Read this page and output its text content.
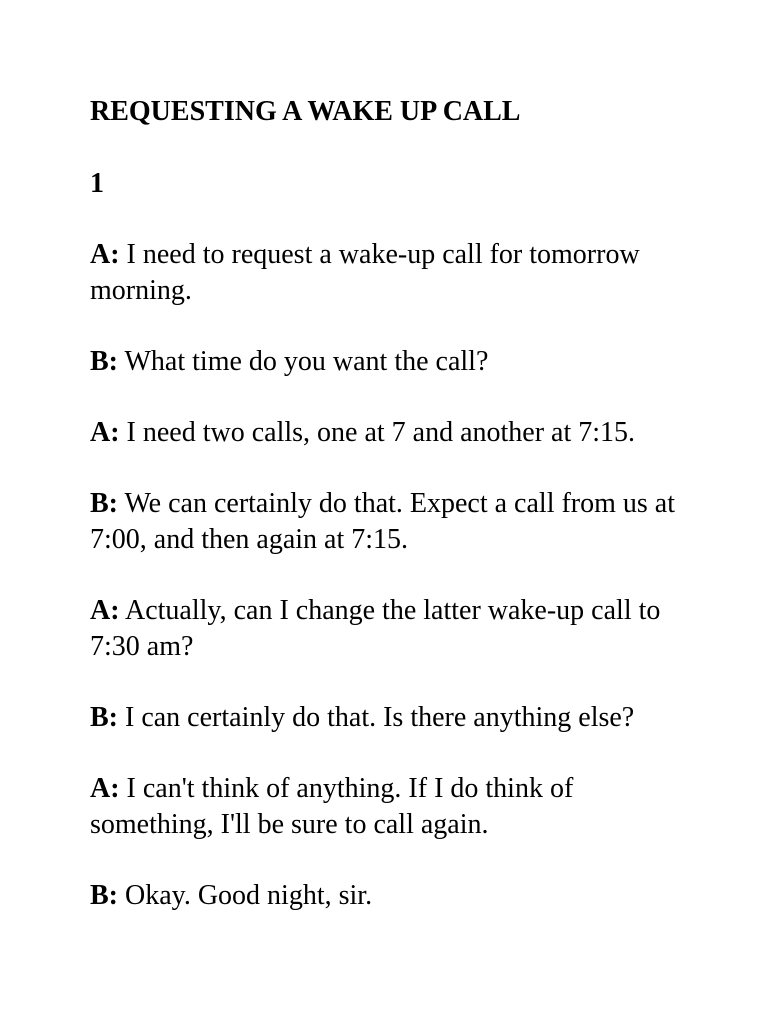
REQUESTING A WAKE UP CALL
1

A: I need to request a wake-up call for tomorrow morning.

B: What time do you want the call?

A: I need two calls, one at 7 and another at 7:15.

B: We can certainly do that. Expect a call from us at 7:00, and then again at 7:15.

A: Actually, can I change the latter wake-up call to 7:30 am?

B: I can certainly do that. Is there anything else?

A: I can't think of anything. If I do think of something, I'll be sure to call again.

B: Okay. Good night, sir.
